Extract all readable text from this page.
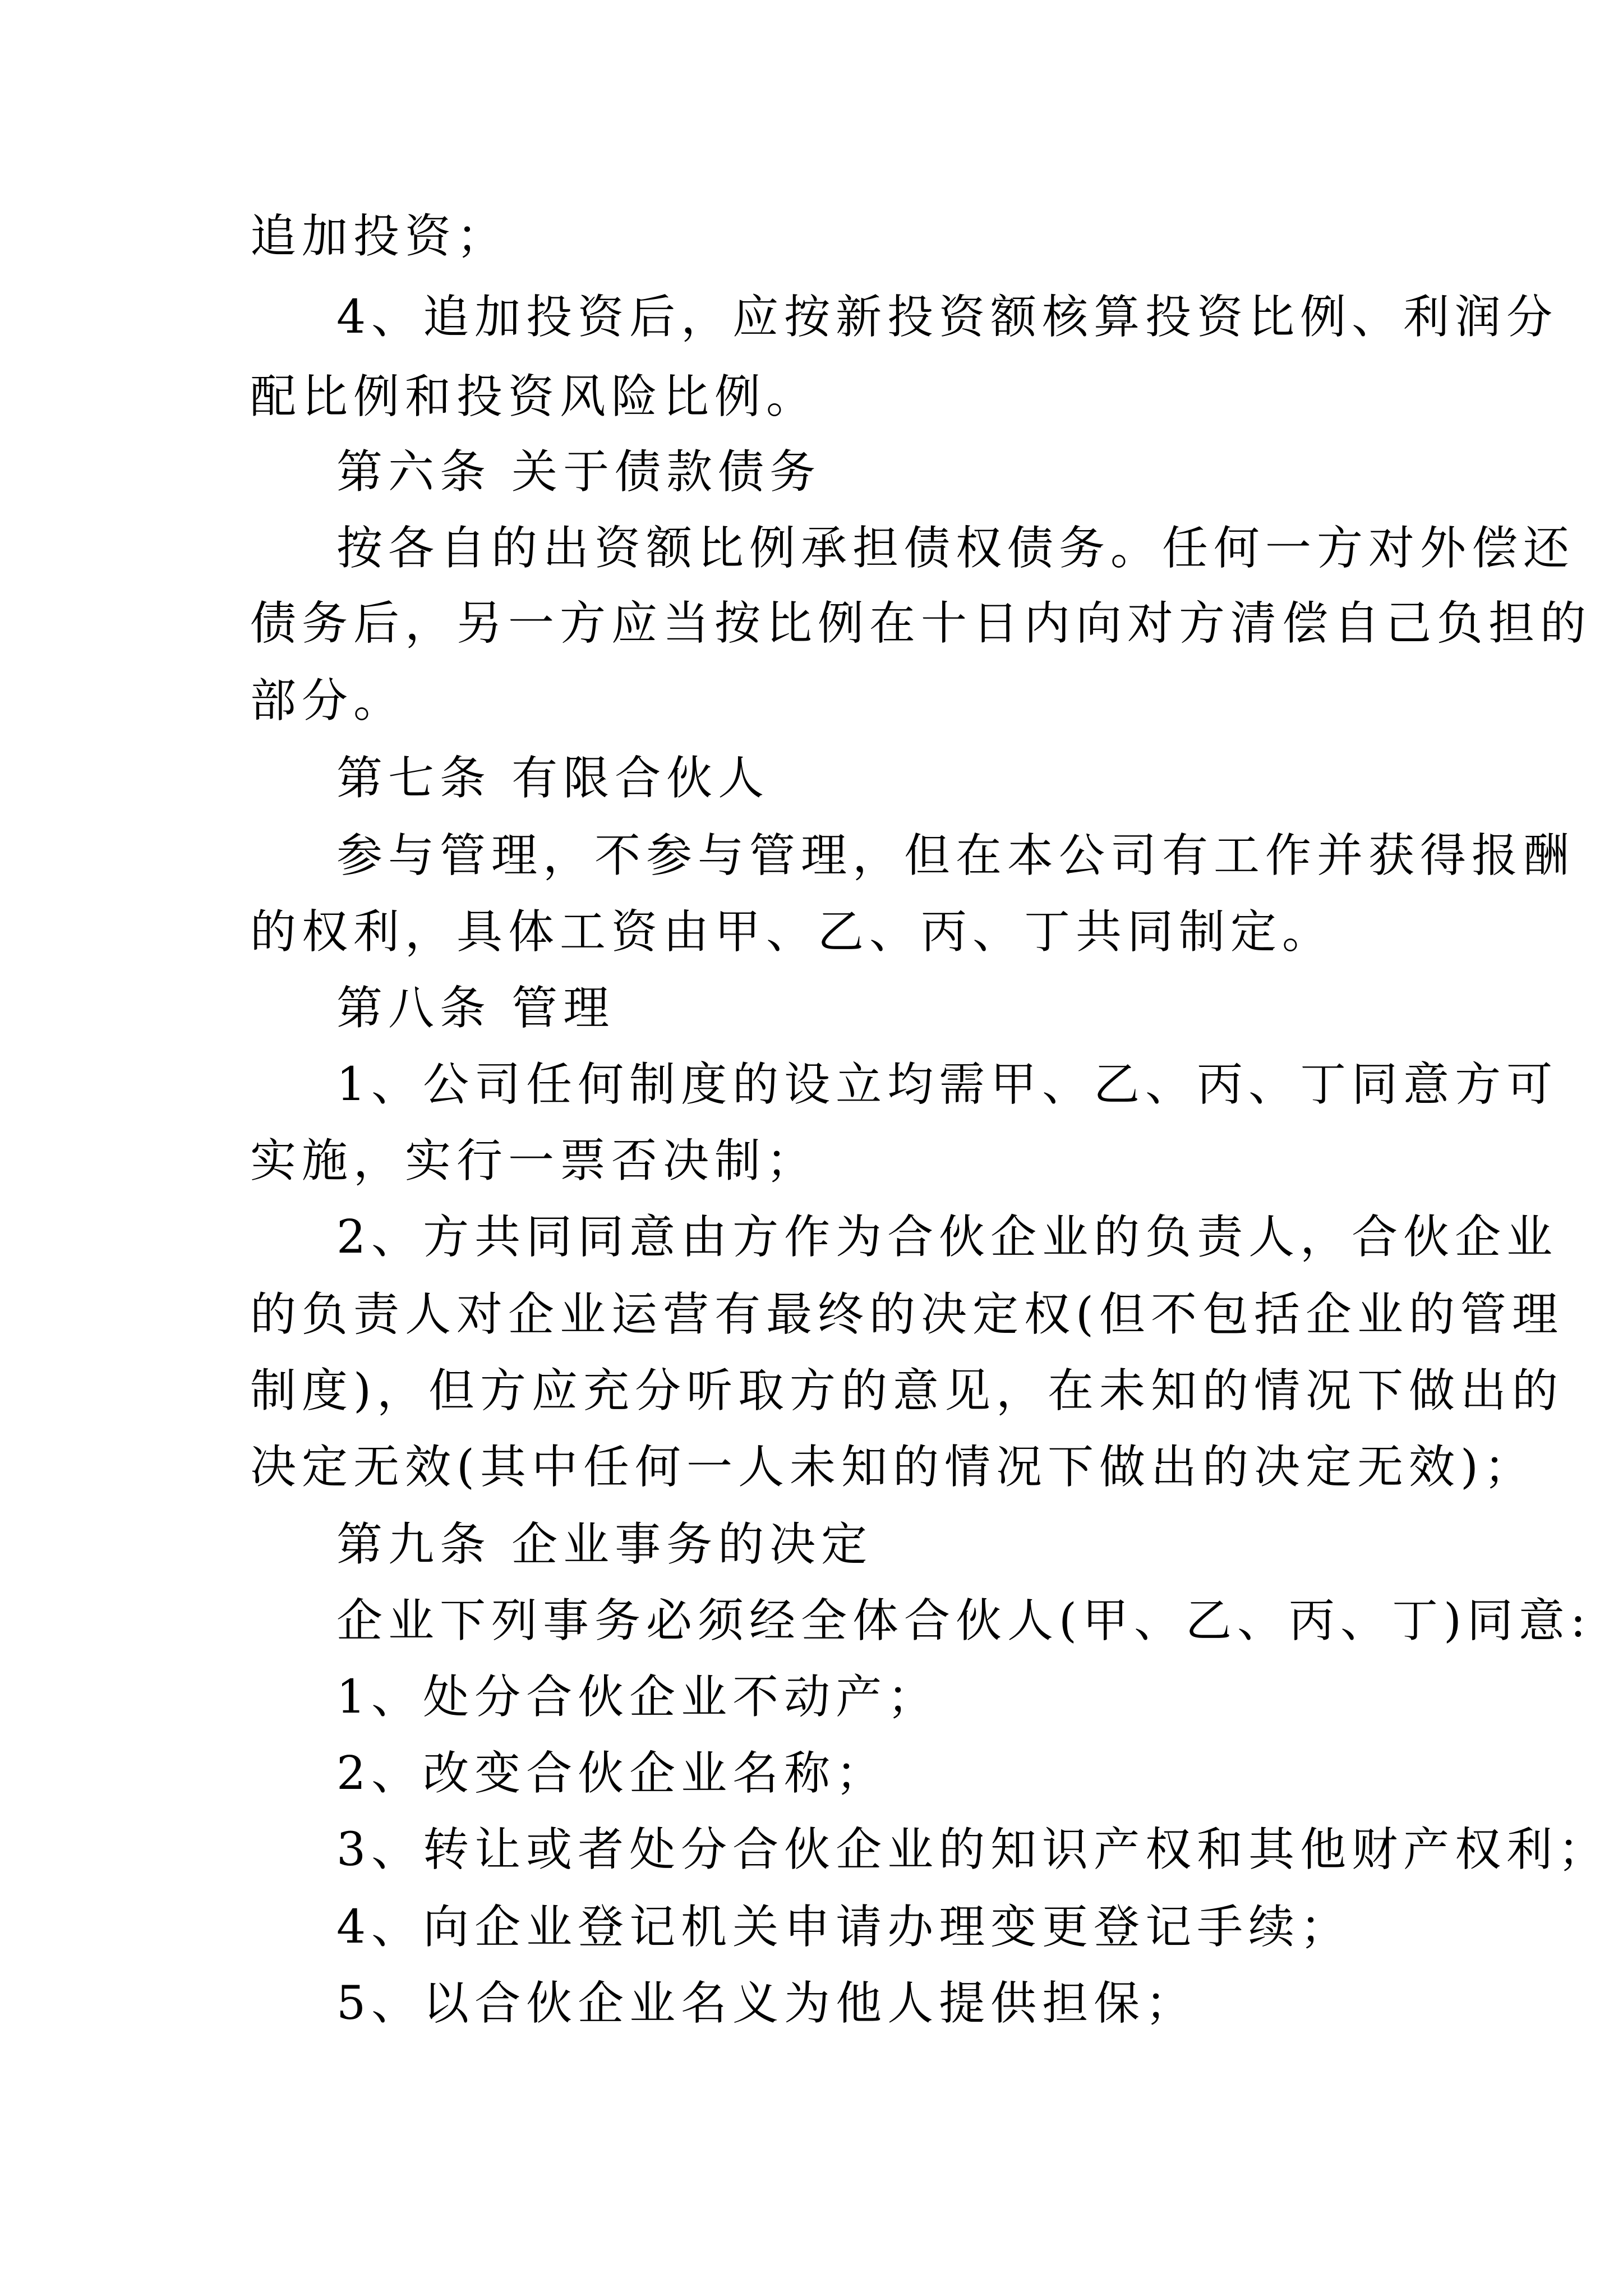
追加投资；
4、追加投资后，应按新投资额核算投资比例、利润分
配比例和投资风险比例。
第六条 关于债款债务
按各自的出资额比例承担债权债务。任何一方对外偿还
债务后，另一方应当按比例在十日内向对方清偿自己负担的
部分。
第七条 有限合伙人
参与管理，不参与管理，但在本公司有工作并获得报酬
的权利，具体工资由甲、乙、丙、丁共同制定。
第八条 管理
1、公司任何制度的设立均需甲、乙、丙、丁同意方可
实施，实行一票否决制；
2、方共同同意由方作为合伙企业的负责人，合伙企业
的负责人对企业运营有最终的决定权(但不包括企业的管理
制度)，但方应充分听取方的意见，在未知的情况下做出的
决定无效(其中任何一人未知的情况下做出的决定无效)；
第九条 企业事务的决定
企业下列事务必须经全体合伙人(甲、乙、丙、丁)同意:
1、处分合伙企业不动产；
2、改变合伙企业名称；
3、转让或者处分合伙企业的知识产权和其他财产权利；
4、向企业登记机关申请办理变更登记手续；
5、以合伙企业名义为他人提供担保；
